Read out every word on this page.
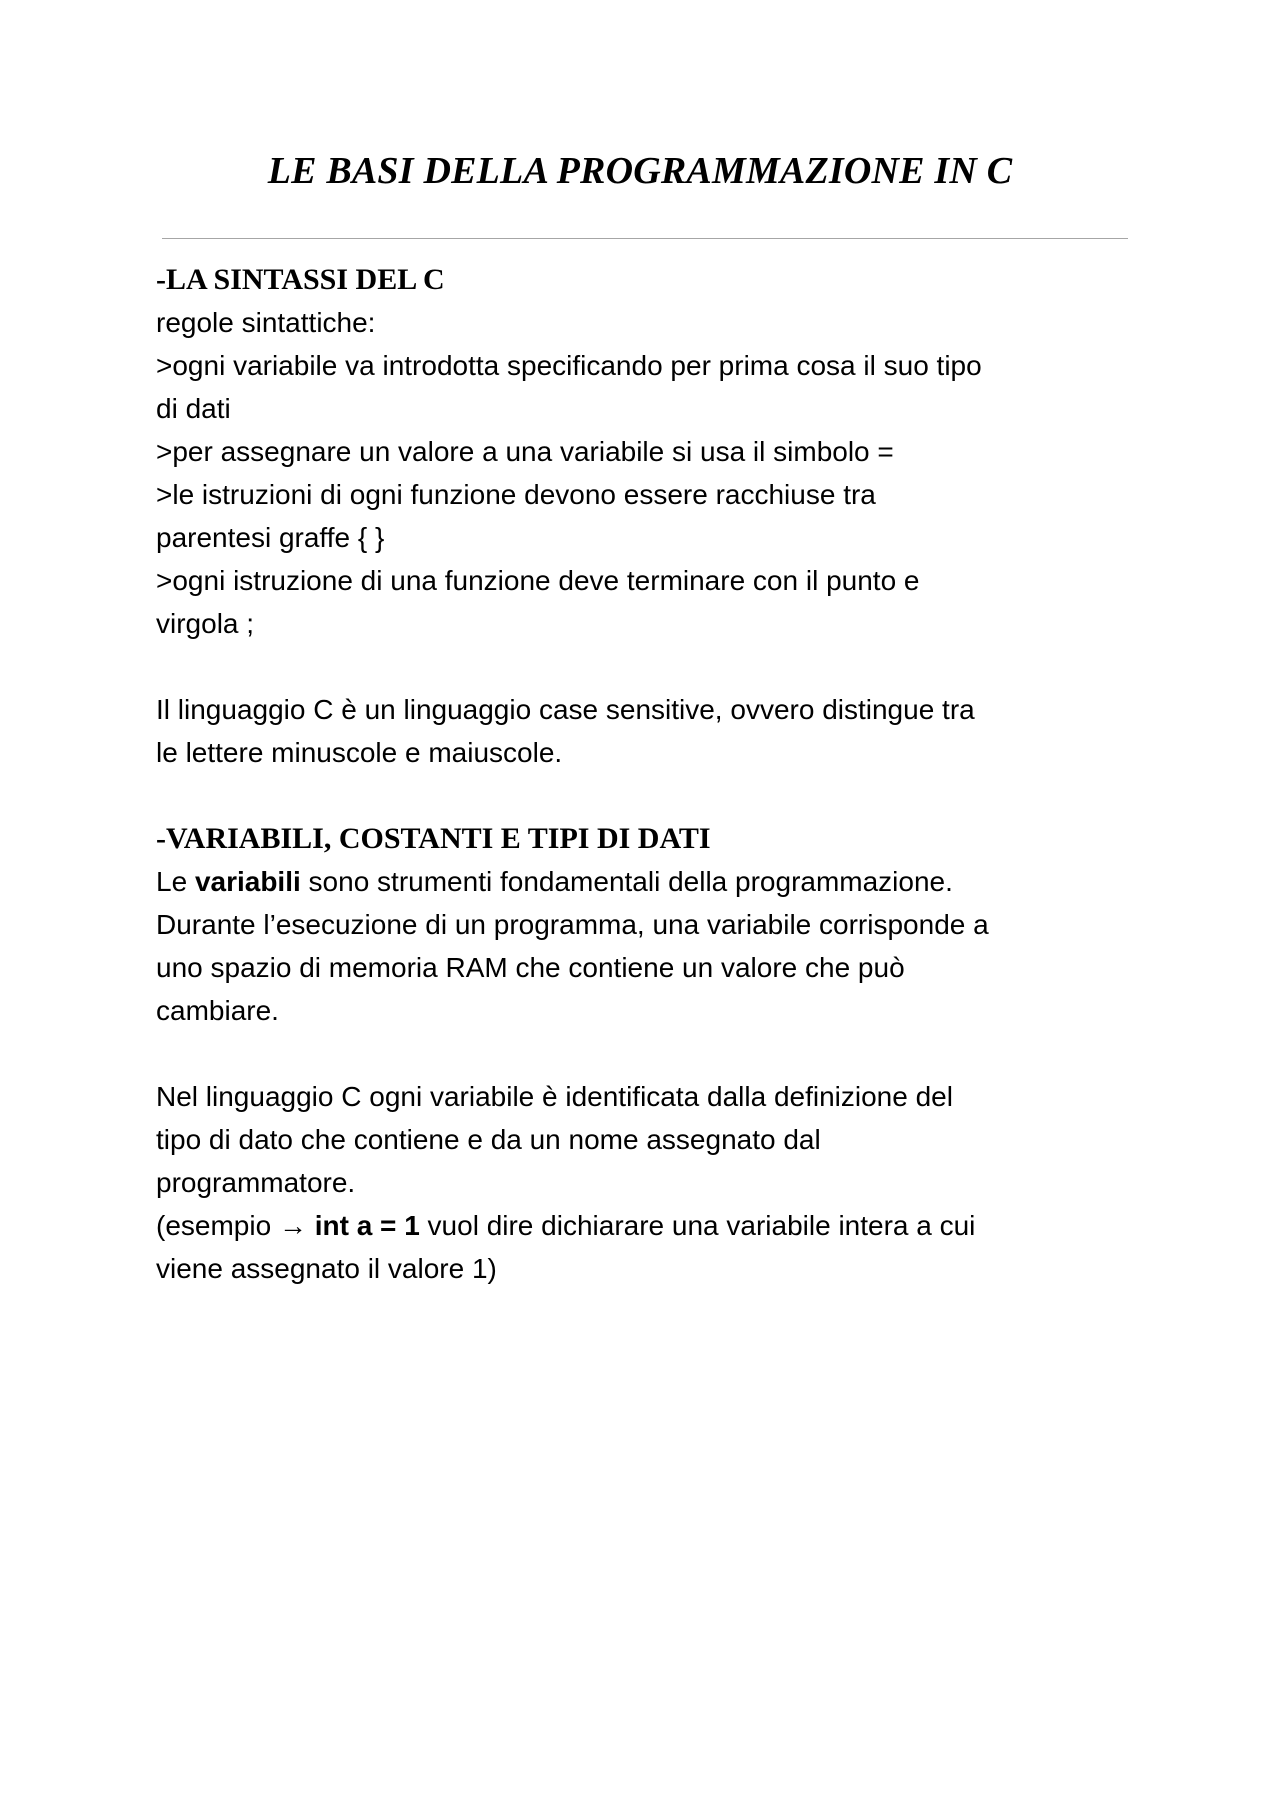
LE BASI DELLA PROGRAMMAZIONE IN C
-LA SINTASSI DEL C
regole sintattiche:
>ogni variabile va introdotta specificando per prima cosa il suo tipo
di dati
>per assegnare un valore a una variabile si usa il simbolo =
>le istruzioni di ogni funzione devono essere racchiuse tra
parentesi graffe { }
>ogni istruzione di una funzione deve terminare con il punto e
virgola ;
Il linguaggio C è un linguaggio case sensitive, ovvero distingue tra
le lettere minuscole e maiuscole.
-VARIABILI, COSTANTI E TIPI DI DATI
Le variabili sono strumenti fondamentali della programmazione.
Durante l’esecuzione di un programma, una variabile corrisponde a
uno spazio di memoria RAM che contiene un valore che può
cambiare.
Nel linguaggio C ogni variabile è identificata dalla definizione del
tipo di dato che contiene e da un nome assegnato dal
programmatore.
(esempio → int a = 1 vuol dire dichiarare una variabile intera a cui
viene assegnato il valore 1)
